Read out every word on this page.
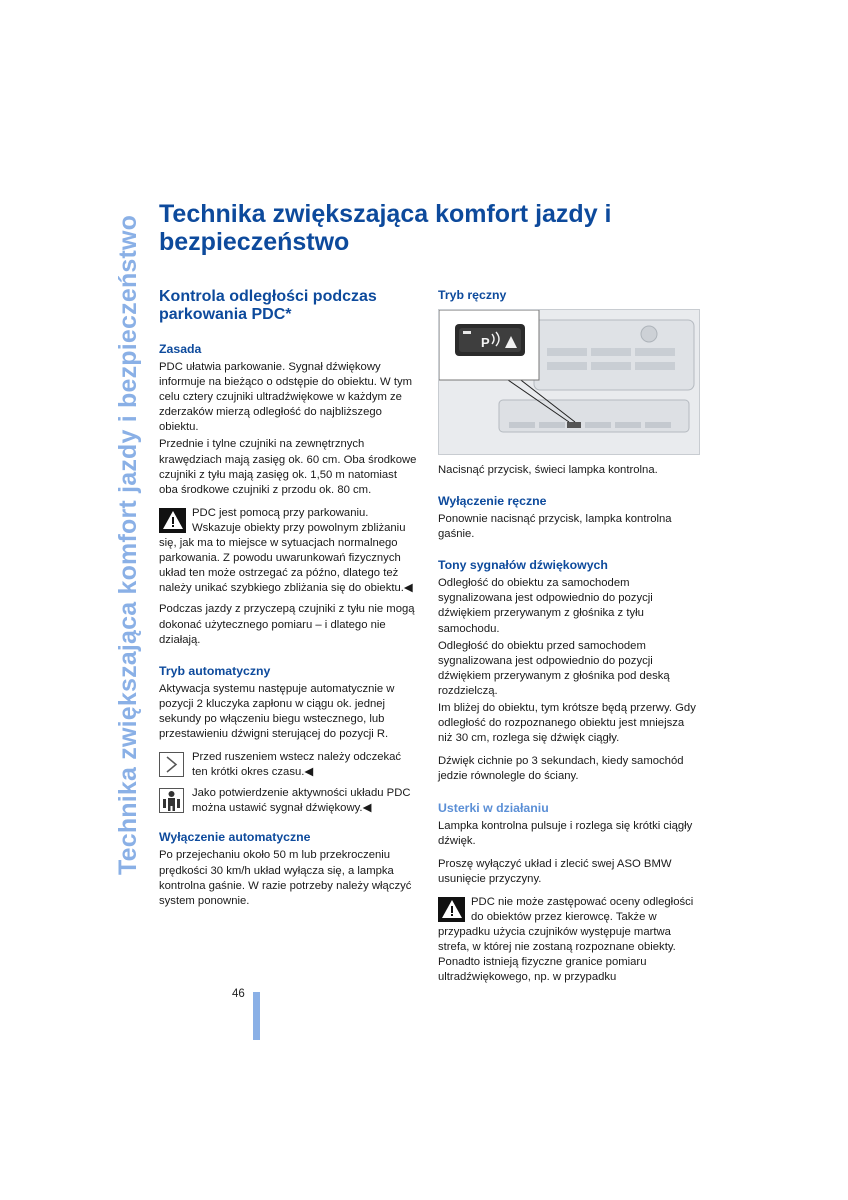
Technika zwiększająca komfort jazdy i bezpieczeństwo
Technika zwiększająca komfort jazdy i bezpieczeństwo
Kontrola odległości podczas parkowania PDC*
Zasada

PDC ułatwia parkowanie. Sygnał dźwiękowy informuje na bieżąco o odstępie do obiektu. W tym celu cztery czujniki ultradźwiękowe w każdym ze zderzaków mierzą odległość do najbliższego obiektu.

Przednie i tylne czujniki na zewnętrznych krawędziach mają zasięg ok. 60 cm. Oba środkowe czujniki z tyłu mają zasięg ok. 1,50 m natomiast oba środkowe czujniki z przodu ok. 80 cm.

PDC jest pomocą przy parkowaniu. Wskazuje obiekty przy powolnym zbliżaniu się, jak ma to miejsce w sytuacjach normalnego parkowania. Z powodu uwarunkowań fizycznych układ ten może ostrzegać za późno, dlatego też należy unikać szybkiego zbliżania się do obiektu.◀

Podczas jazdy z przyczepą czujniki z tyłu nie mogą dokonać użytecznego pomiaru – i dlatego nie działają.

Tryb automatyczny

Aktywacja systemu następuje automatycznie w pozycji 2 kluczyka zapłonu w ciągu ok. jednej sekundy po włączeniu biegu wstecznego, lub przestawieniu dźwigni sterującej do pozycji R.

Przed ruszeniem wstecz należy odczekać ten krótki okres czasu.◀
Jako potwierdzenie aktywności układu PDC można ustawić sygnał dźwiękowy.◀
Wyłączenie automatyczne

Po przejechaniu około 50 m lub przekroczeniu prędkości 30 km/h układ wyłącza się, a lampka kontrolna gaśnie. W razie potrzeby należy włączyć system ponownie.

Tryb ręczny
P

Nacisnąć przycisk, świeci lampka kontrolna.

Wyłączenie ręczne

Ponownie nacisnąć przycisk, lampka kontrolna gaśnie.

Tony sygnałów dźwiękowych

Odległość do obiektu za samochodem sygnalizowana jest odpowiednio do pozycji dźwiękiem przerywanym z głośnika z tyłu samochodu.

Odległość do obiektu przed samochodem sygnalizowana jest odpowiednio do pozycji dźwiękiem przerywanym z głośnika pod deską rozdzielczą.

Im bliżej do obiektu, tym krótsze będą przerwy. Gdy odległość do rozpoznanego obiektu jest mniejsza niż 30 cm, rozlega się dźwięk ciągły.

Dźwięk cichnie po 3 sekundach, kiedy samochód jedzie równolegle do ściany.

Usterki w działaniu

Lampka kontrolna pulsuje i rozlega się krótki ciągły dźwięk.

Proszę wyłączyć układ i zlecić swej ASO BMW usunięcie przyczyny.

PDC nie może zastępować oceny odległości do obiektów przez kierowcę. Także w przypadku użycia czujników występuje martwa strefa, w której nie zostaną rozpoznane obiekty. Ponadto istnieją fizyczne granice pomiaru ultradźwiękowego, np. w przypadku
46
